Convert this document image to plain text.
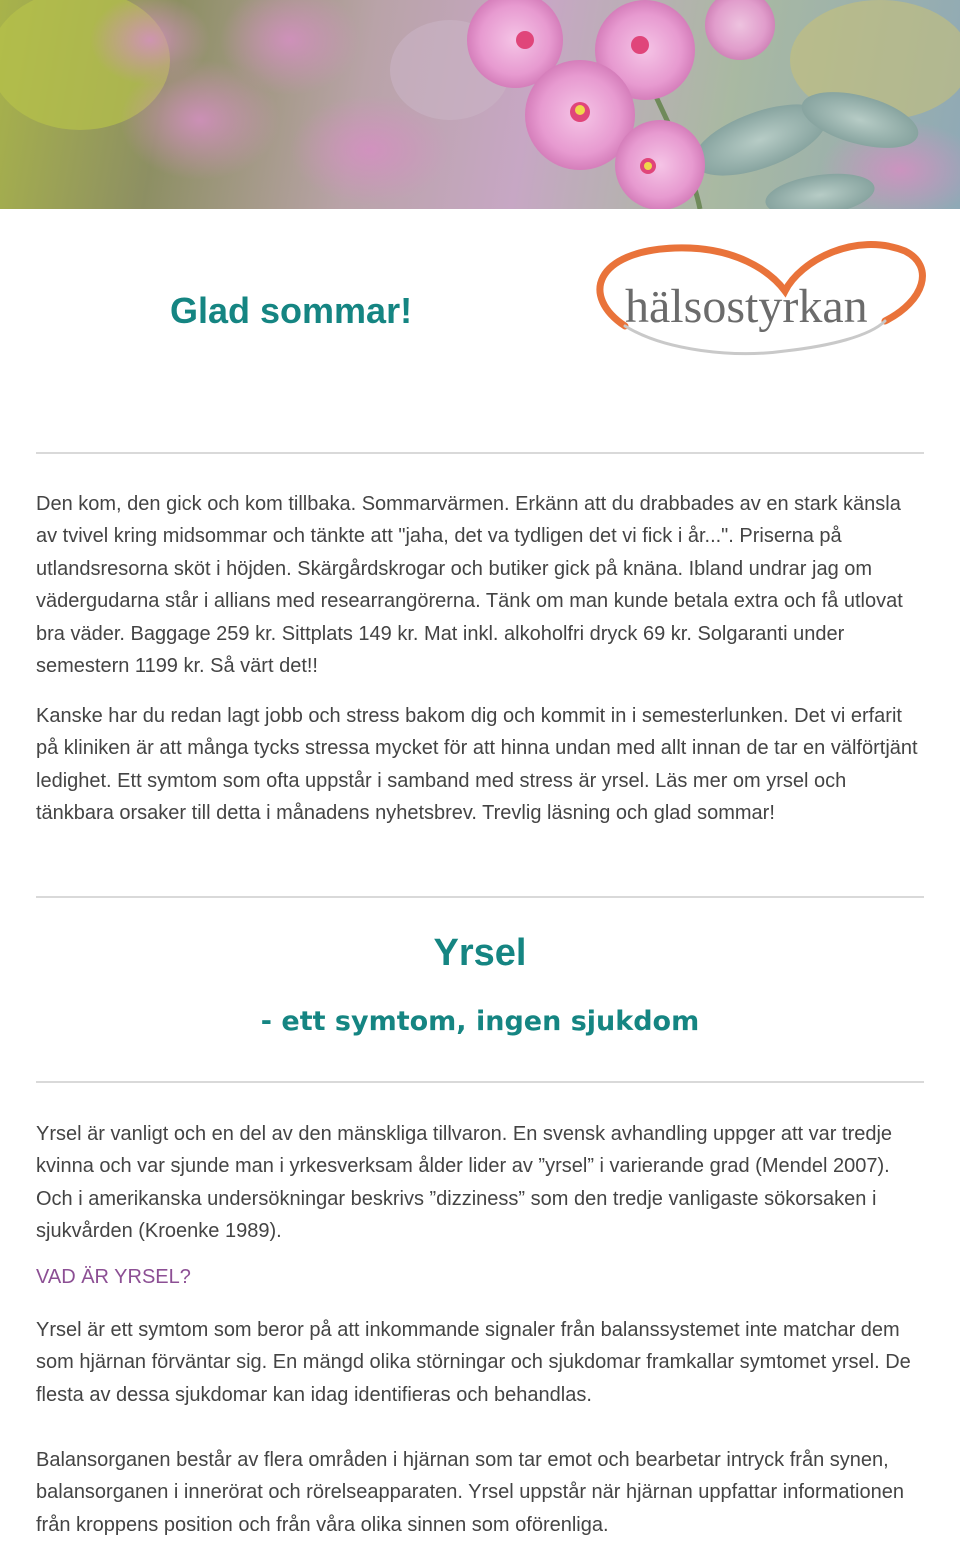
Glad sommar!	hälsostyrkan

Den kom, den gick och kom tillbaka. Sommarvärmen. Erkänn att du drabbades av en stark känsla av tvivel kring midsommar och tänkte att "jaha, det va tydligen det vi fick i år...". Priserna på utlandsresorna sköt i höjden. Skärgårdskrogar och butiker gick på knäna. Ibland undrar jag om vädergudarna står i allians med researrangörerna. Tänk om man kunde betala extra och få utlovat bra väder. Baggage 259 kr. Sittplats 149 kr. Mat inkl. alkoholfri dryck 69 kr. Solgaranti under semestern 1199 kr. Så värt det!!

Kanske har du redan lagt jobb och stress bakom dig och kommit in i semesterlunken. Det vi erfarit på kliniken är att många tycks stressa mycket för att hinna undan med allt innan de tar en välförtjänt ledighet. Ett symtom som ofta uppstår i samband med stress är yrsel. Läs mer om yrsel och tänkbara orsaker till detta i månadens nyhetsbrev. Trevlig läsning och glad sommar!

Yrsel
- ett symtom, ingen sjukdom

Yrsel är vanligt och en del av den mänskliga tillvaron. En svensk avhandling uppger att var tredje kvinna och var sjunde man i yrkesverksam ålder lider av ”yrsel” i varierande grad (Mendel 2007). Och i amerikanska undersökningar beskrivs ”dizziness” som den tredje vanligaste sökorsaken i sjukvården (Kroenke 1989).

VAD ÄR YRSEL?

Yrsel är ett symtom som beror på att inkommande signaler från balanssystemet inte matchar dem som hjärnan förväntar sig. En mängd olika störningar och sjukdomar framkallar symtomet yrsel. De flesta av dessa sjukdomar kan idag identifieras och behandlas.

Balansorganen består av flera områden i hjärnan som tar emot och bearbetar intryck från synen, balansorganen i innerörat och rörelseapparaten. Yrsel uppstår när hjärnan uppfattar informationen från kroppens position och från våra olika sinnen som oförenliga.
